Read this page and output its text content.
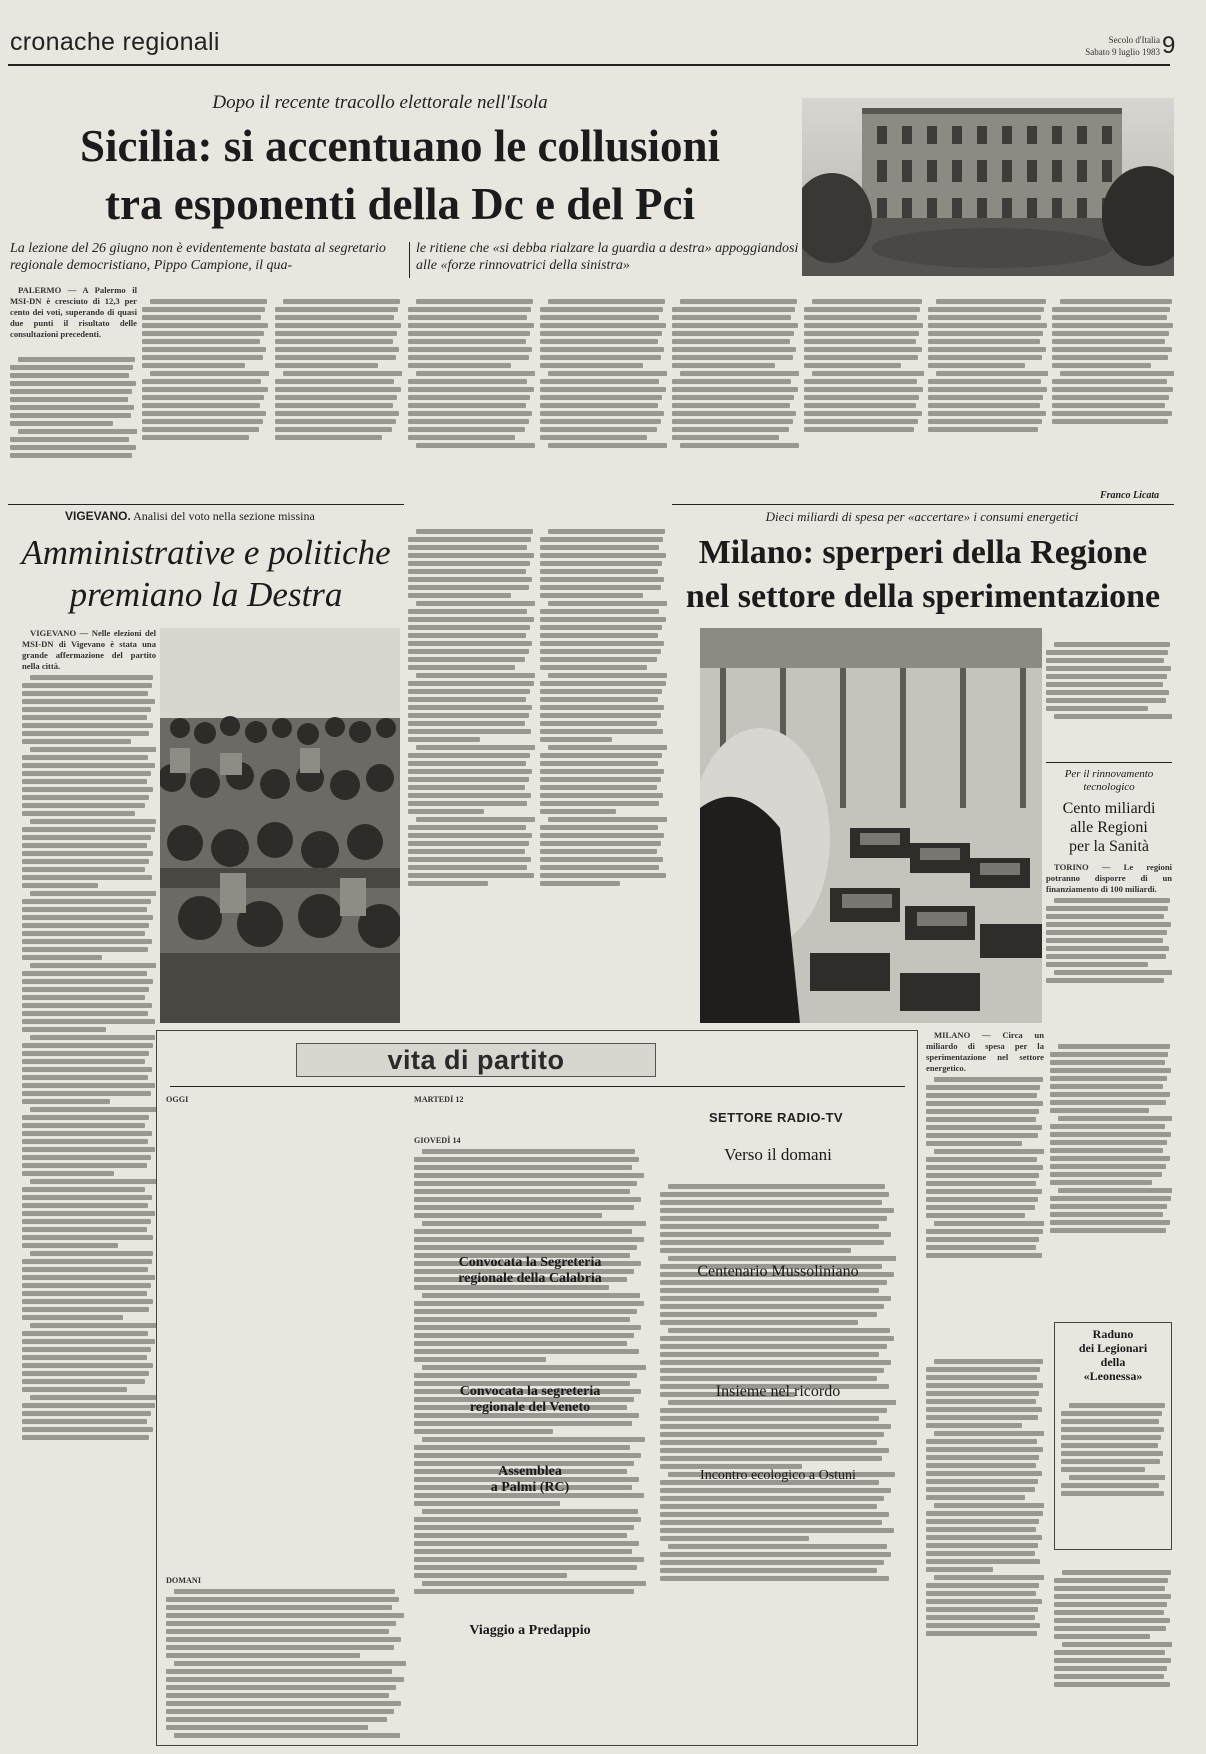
cronache regionali	Secolo d'Italia
Sabato 9 luglio 1983 9
Dopo il recente tracollo elettorale nell'Isola
Sicilia: si accentuano le collusioni
tra esponenti della Dc e del Pci
La lezione del 26 giugno non è evidentemente bastata al segretario regionale democristiano, Pippo Campione, il qua-
le ritiene che «si debba rialzare la guardia a destra» appoggiandosi alle «forze rinnovatrici della sinistra»

PALERMO — A Palermo il MSI-DN è cresciuto di 12,3 per cento dei voti, superando di quasi due punti il risultato delle consultazioni precedenti.

Franco Licata
VIGEVANO. Analisi del voto nella sezione missina
Amministrative e politiche
premiano la Destra

VIGEVANO — Nelle elezioni del MSI-DN di Vigevano è stata una grande affermazione del partito nella città.

Dieci miliardi di spesa per «accertare» i consumi energetici
Milano: sperperi della Regione
nel settore della sperimentazione

Per il rinnovamento
tecnologico
Cento miliardi
alle Regioni
per la Sanità

TORINO — Le regioni potranno disporre di un finanziamento di 100 miliardi.

MILANO — Circa un miliardo di spesa per la sperimentazione nel settore energetico.

vita di partito

OGGI

DOMANI

MARTEDÌ 12

GIOVEDÌ 14

Convocata la Segreteria
regionale della Calabria
Convocata la segreteria
regionale del Veneto
Assemblea
a Palmi (RC)
Viaggio a Predappio
SETTORE RADIO-TV
Verso il domani

Centenario Mussoliniano
Insieme nel ricordo
Incontro ecologico a Ostuni
Raduno
dei Legionari
della
«Leonessa»
